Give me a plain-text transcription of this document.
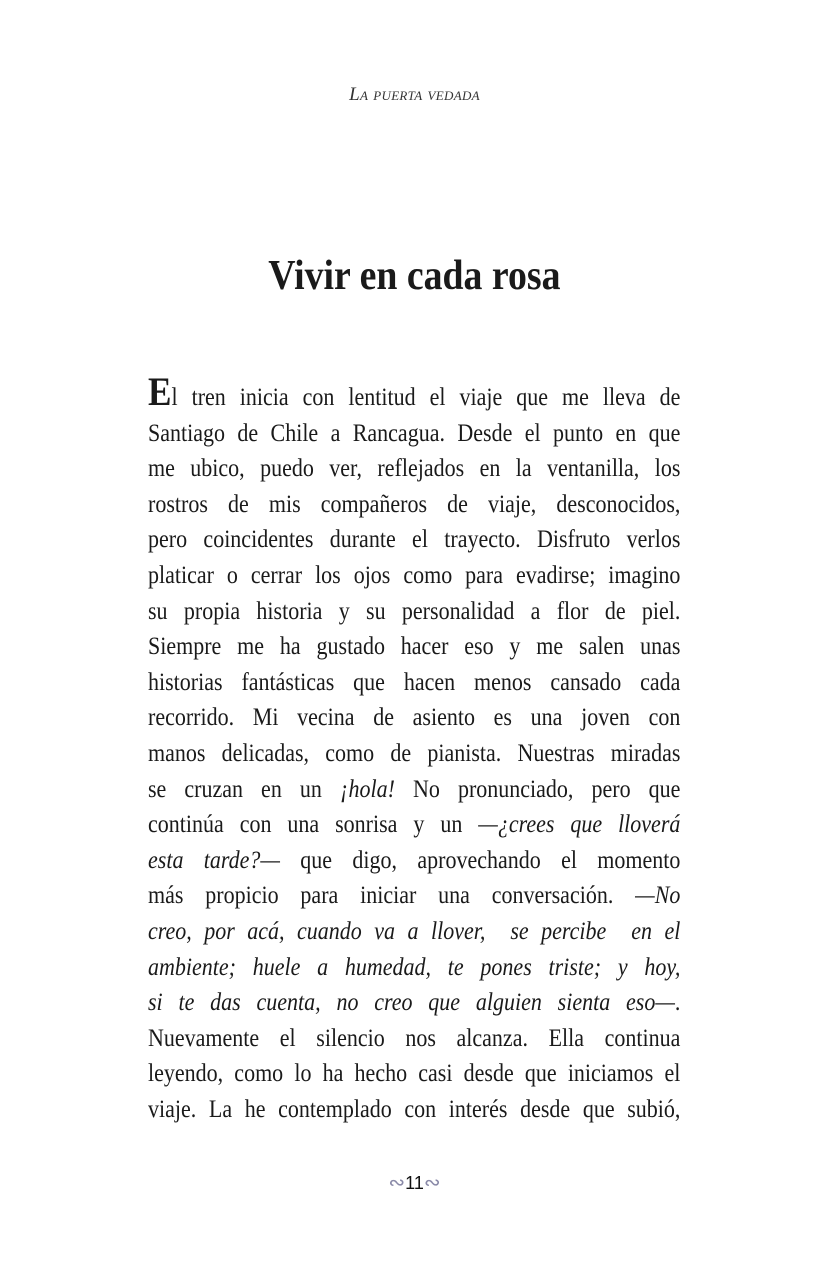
La puerta vedada
Vivir en cada rosa
El tren inicia con lentitud el viaje que me lleva de
Santiago de Chile a Rancagua. Desde el punto en que
me ubico, puedo ver, reflejados en la ventanilla, los
rostros de mis compañeros de viaje, desconocidos,
pero coincidentes durante el trayecto. Disfruto verlos
platicar o cerrar los ojos como para evadirse; imagino
su propia historia y su personalidad a flor de piel.
Siempre me ha gustado hacer eso y me salen unas
historias fantásticas que hacen menos cansado cada
recorrido. Mi vecina de asiento es una joven con
manos delicadas, como de pianista. Nuestras miradas
se cruzan en un ¡hola! No pronunciado, pero que
continúa con una sonrisa y un —¿crees que lloverá
esta tarde?— que digo, aprovechando el momento
más propicio para iniciar una conversación. —No
creo, por acá, cuando va a llover,  se percibe  en el
ambiente; huele a humedad, te pones triste; y hoy,
si te das cuenta, no creo que alguien sienta eso—.
Nuevamente el silencio nos alcanza. Ella continua
leyendo, como lo ha hecho casi desde que iniciamos el
viaje. La he contemplado con interés desde que subió,
∾11∾
